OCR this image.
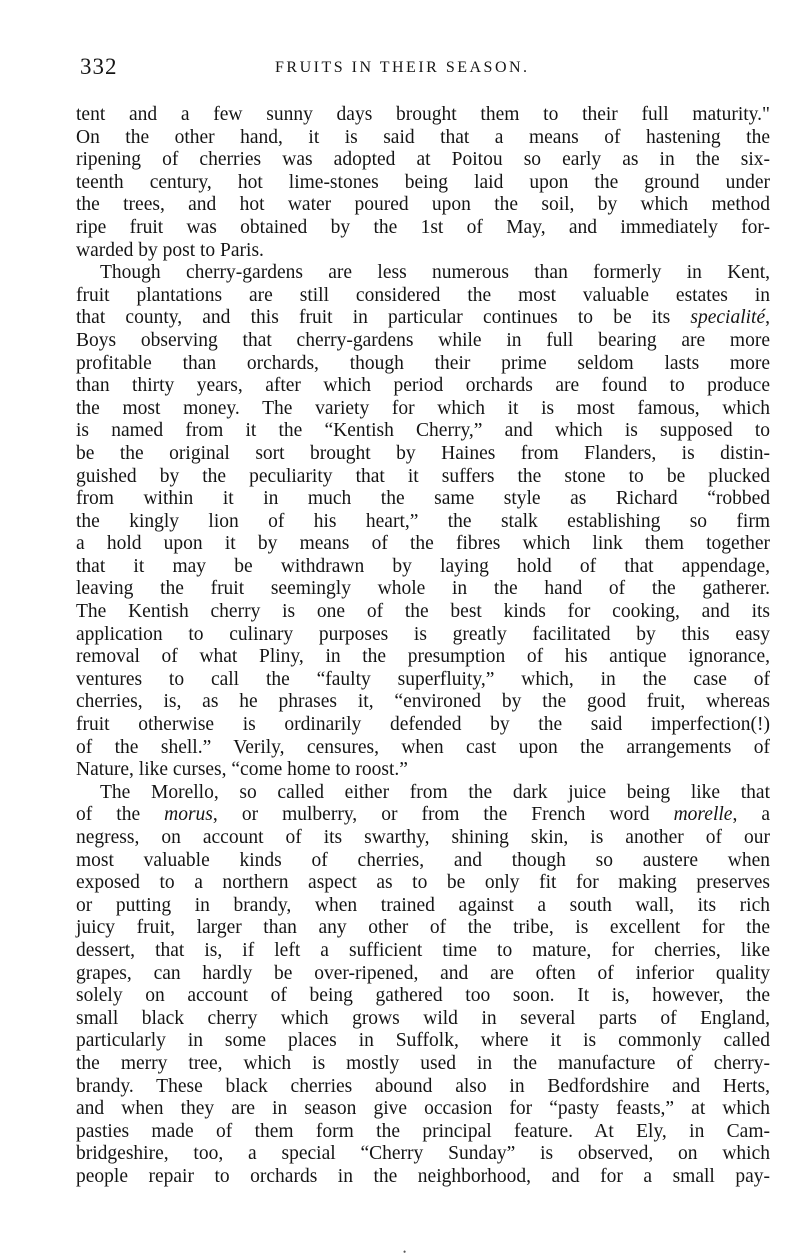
332	FRUITS IN THEIR SEASON.
tent and a few sunny days brought them to their full maturity."
On the other hand, it is said that a means of hastening the
ripening of cherries was adopted at Poitou so early as in the six-
teenth century, hot lime-stones being laid upon the ground under
the trees, and hot water poured upon the soil, by which method
ripe fruit was obtained by the 1st of May, and immediately for-
warded by post to Paris.
Though cherry-gardens are less numerous than formerly in Kent,
fruit plantations are still considered the most valuable estates in
that county, and this fruit in particular continues to be its specialité,
Boys observing that cherry-gardens while in full bearing are more
profitable than orchards, though their prime seldom lasts more
than thirty years, after which period orchards are found to produce
the most money. The variety for which it is most famous, which
is named from it the “Kentish Cherry,” and which is supposed to
be the original sort brought by Haines from Flanders, is distin-
guished by the peculiarity that it suffers the stone to be plucked
from within it in much the same style as Richard “robbed
the kingly lion of his heart,” the stalk establishing so firm
a hold upon it by means of the fibres which link them together
that it may be withdrawn by laying hold of that appendage,
leaving the fruit seemingly whole in the hand of the gatherer.
The Kentish cherry is one of the best kinds for cooking, and its
application to culinary purposes is greatly facilitated by this easy
removal of what Pliny, in the presumption of his antique ignorance,
ventures to call the “faulty superfluity,” which, in the case of
cherries, is, as he phrases it, “environed by the good fruit, whereas
fruit otherwise is ordinarily defended by the said imperfection(!)
of the shell.” Verily, censures, when cast upon the arrangements of
Nature, like curses, “come home to roost.”
The Morello, so called either from the dark juice being like that
of the morus, or mulberry, or from the French word morelle, a
negress, on account of its swarthy, shining skin, is another of our
most valuable kinds of cherries, and though so austere when
exposed to a northern aspect as to be only fit for making preserves
or putting in brandy, when trained against a south wall, its rich
juicy fruit, larger than any other of the tribe, is excellent for the
dessert, that is, if left a sufficient time to mature, for cherries, like
grapes, can hardly be over-ripened, and are often of inferior quality
solely on account of being gathered too soon. It is, however, the
small black cherry which grows wild in several parts of England,
particularly in some places in Suffolk, where it is commonly called
the merry tree, which is mostly used in the manufacture of cherry-
brandy. These black cherries abound also in Bedfordshire and Herts,
and when they are in season give occasion for “pasty feasts,” at which
pasties made of them form the principal feature. At Ely, in Cam-
bridgeshire, too, a special “Cherry Sunday” is observed, on which
people repair to orchards in the neighborhood, and for a small pay-
•
